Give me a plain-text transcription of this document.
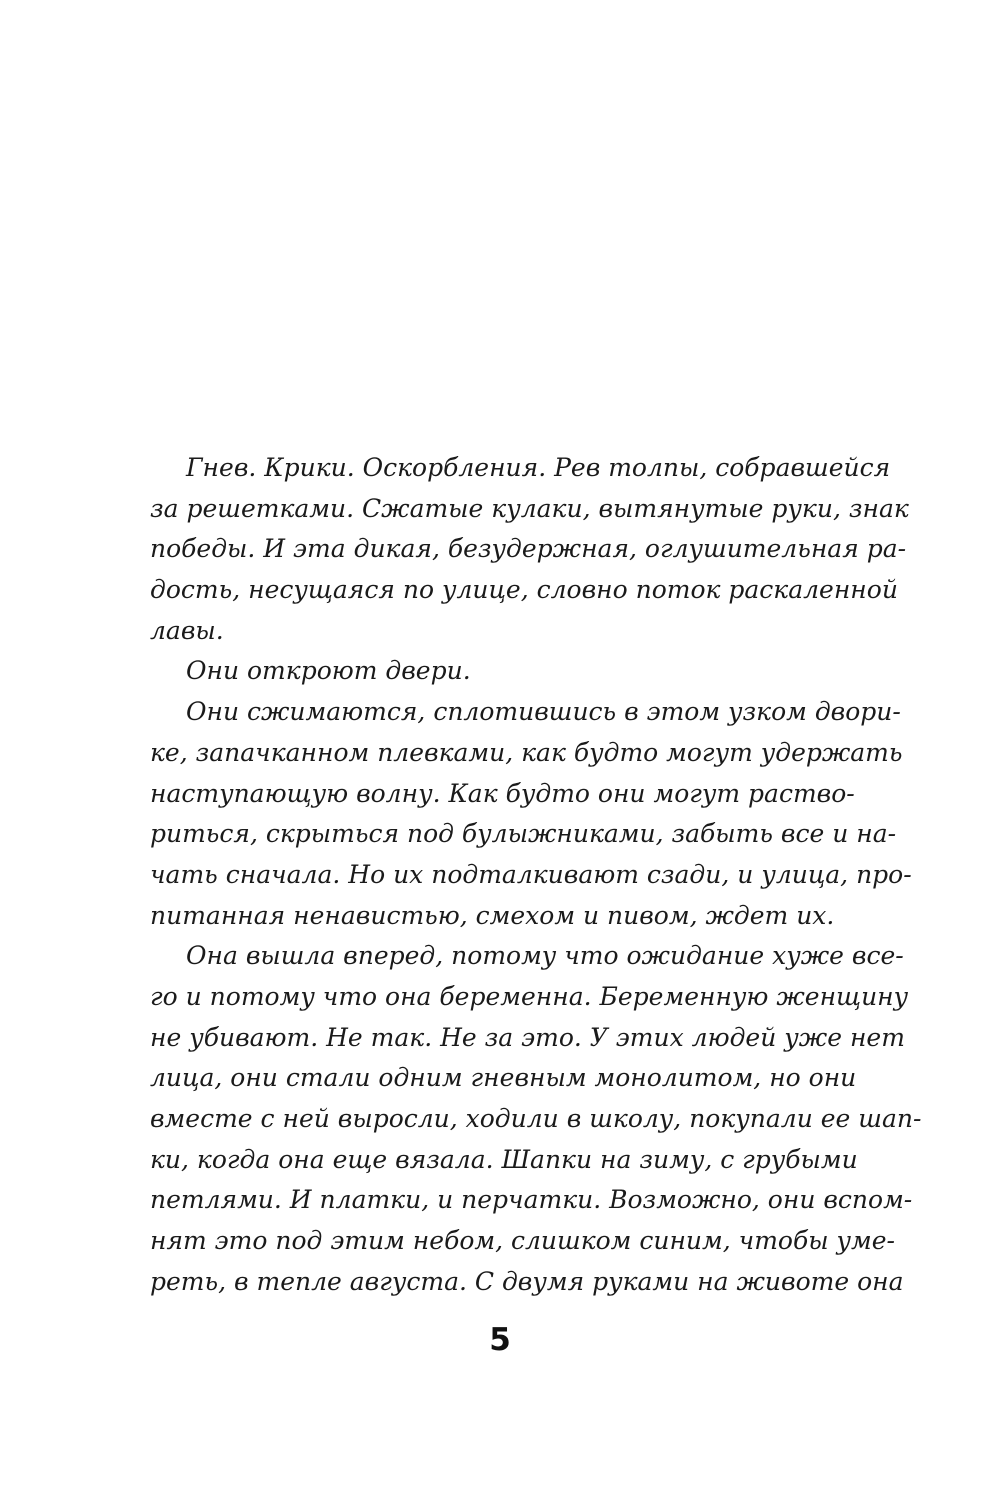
Гнев. Крики. Оскорбления. Рев толпы, собравшейся
за решетками. Сжатые кулаки, вытянутые руки, знак
победы. И эта дикая, безудержная, оглушительная ра-
дость, несущаяся по улице, словно поток раскаленной
лавы.
Они откроют двери.
Они сжимаются, сплотившись в этом узком двори-
ке, запачканном плевками, как будто могут удержать
наступающую волну. Как будто они могут раство-
риться, скрыться под булыжниками, забыть все и на-
чать сначала. Но их подталкивают сзади, и улица, про-
питанная ненавистью, смехом и пивом, ждет их.
Она вышла вперед, потому что ожидание хуже все-
го и потому что она беременна. Беременную женщину
не убивают. Не так. Не за это. У этих людей уже нет
лица, они стали одним гневным монолитом, но они
вместе с ней выросли, ходили в школу, покупали ее шап-
ки, когда она еще вязала. Шапки на зиму, с грубыми
петлями. И платки, и перчатки. Возможно, они вспом-
нят это под этим небом, слишком синим, чтобы уме-
реть, в тепле августа. С двумя руками на животе она
5
